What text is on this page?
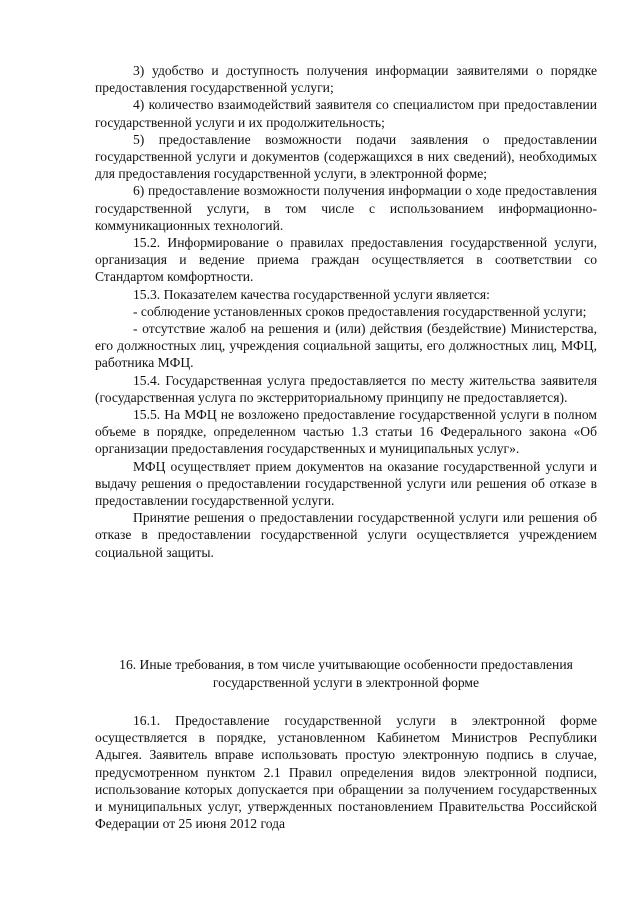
3) удобство и доступность получения информации заявителями о порядке предоставления государственной услуги;

4) количество взаимодействий заявителя со специалистом при предоставлении государственной услуги и их продолжительность;

5) предоставление возможности подачи заявления о предоставлении государственной услуги и документов (содержащихся в них сведений), необходимых для предоставления государственной услуги, в электронной форме;

6) предоставление возможности получения информации о ходе предоставления государственной услуги, в том числе с использованием информационно-коммуникационных технологий.

15.2. Информирование о правилах предоставления государственной услуги, организация и ведение приема граждан осуществляется в соответствии со Стандартом комфортности.

15.3. Показателем качества государственной услуги является:

- соблюдение установленных сроков предоставления государственной услуги;

- отсутствие жалоб на решения и (или) действия (бездействие) Министерства, его должностных лиц, учреждения социальной защиты, его должностных лиц, МФЦ, работника МФЦ.

15.4. Государственная услуга предоставляется по месту жительства заявителя (государственная услуга по экстерриториальному принципу не предоставляется).

15.5. На МФЦ не возложено предоставление государственной услуги в полном объеме в порядке, определенном частью 1.3 статьи 16 Федерального закона «Об организации предоставления государственных и муниципальных услуг».

МФЦ осуществляет прием документов на оказание государственной услуги и выдачу решения о предоставлении государственной услуги или решения об отказе в предоставлении государственной услуги.

Принятие решения о предоставлении государственной услуги или решения об отказе в предоставлении государственной услуги осуществляется учреждением социальной защиты.

16. Иные требования, в том числе учитывающие особенности предоставления государственной услуги в электронной форме

16.1. Предоставление государственной услуги в электронной форме осуществляется в порядке, установленном Кабинетом Министров Республики Адыгея. Заявитель вправе использовать простую электронную подпись в случае, предусмотренном пунктом 2.1 Правил определения видов электронной подписи, использование которых допускается при обращении за получением государственных и муниципальных услуг, утвержденных постановлением Правительства Российской Федерации от 25 июня 2012 года
